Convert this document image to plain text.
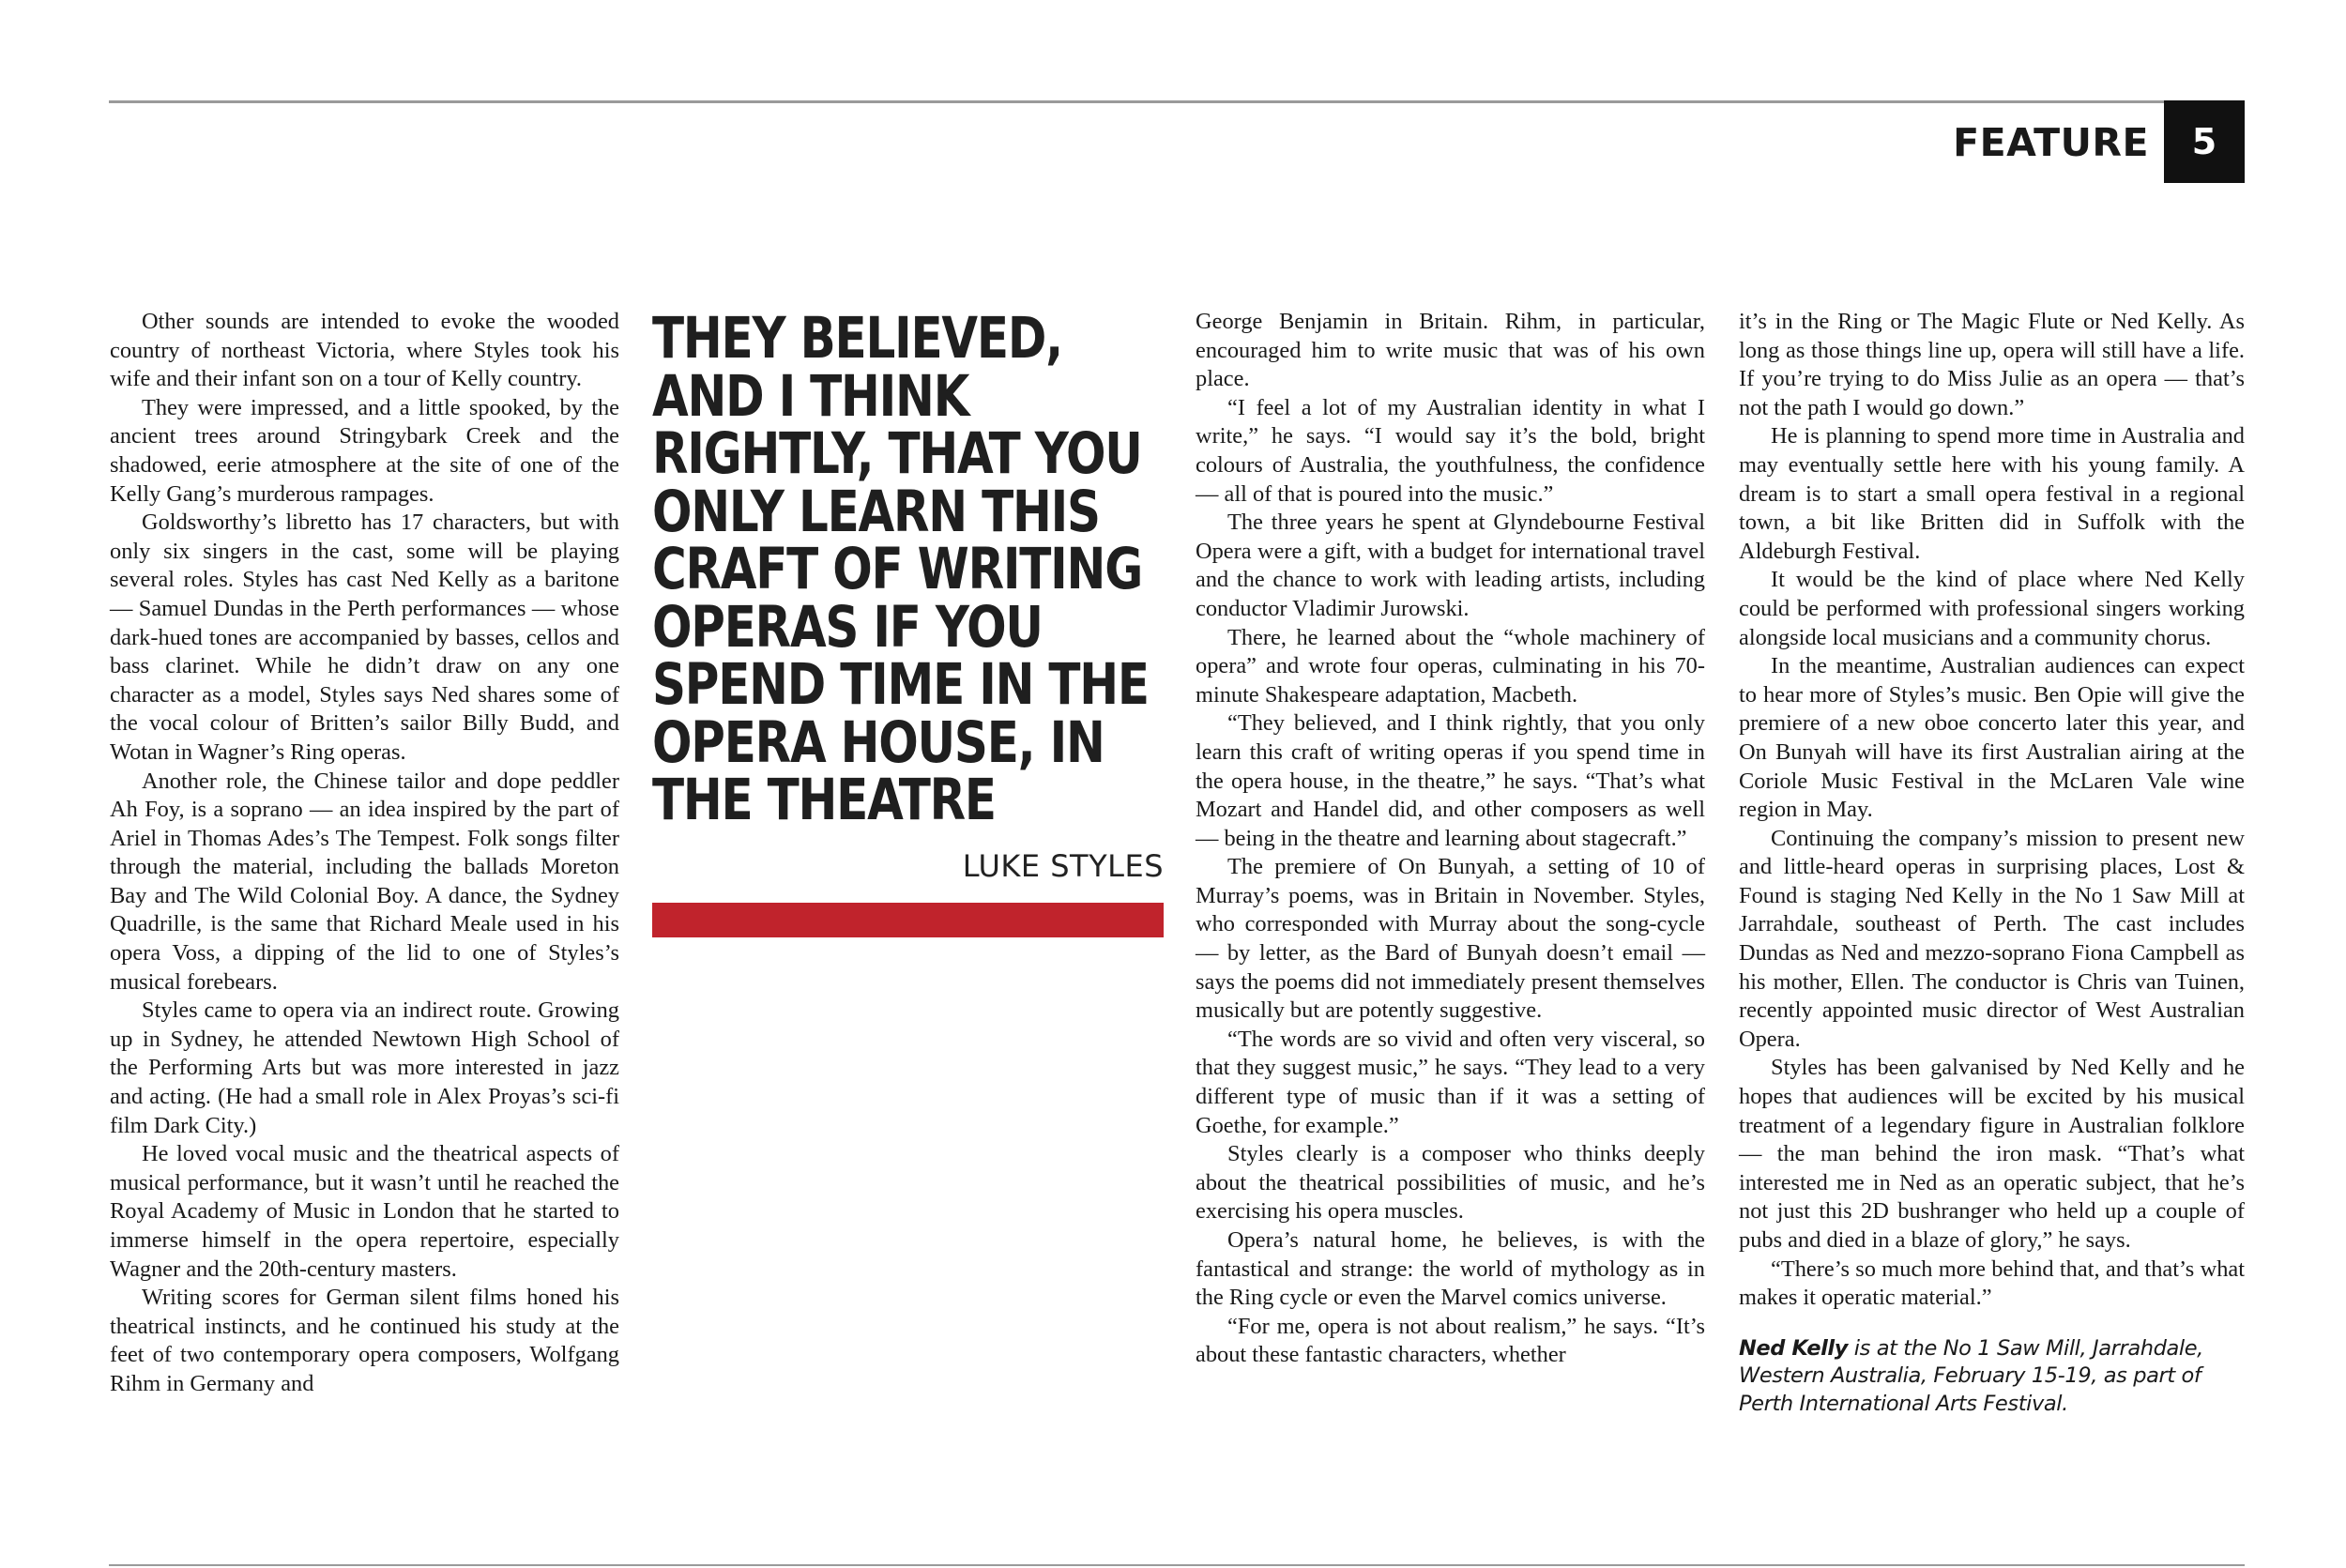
FEATURE	5

Other sounds are intended to evoke the wooded country of northeast Victoria, where Styles took his wife and their infant son on a tour of Kelly country.

They were impressed, and a little spooked, by the ancient trees around Stringybark Creek and the shadowed, eerie atmosphere at the site of one of the Kelly Gang’s murderous rampages.

Goldsworthy’s libretto has 17 characters, but with only six singers in the cast, some will be playing several roles. Styles has cast Ned Kelly as a baritone — Samuel Dundas in the Perth performances — whose dark-hued tones are accompanied by basses, cellos and bass clarinet. While he didn’t draw on any one character as a model, Styles says Ned shares some of the vocal colour of Britten’s sailor Billy Budd, and Wotan in Wagner’s Ring operas.

Another role, the Chinese tailor and dope peddler Ah Foy, is a soprano — an idea inspired by the part of Ariel in Thomas Ades’s The Tempest. Folk songs filter through the material, including the ballads Moreton Bay and The Wild Colonial Boy. A dance, the Sydney Quadrille, is the same that Richard Meale used in his opera Voss, a dipping of the lid to one of Styles’s musical forebears.

Styles came to opera via an indirect route. Growing up in Sydney, he attended Newtown High School of the Performing Arts but was more interested in jazz and acting. (He had a small role in Alex Proyas’s sci-fi film Dark City.)

He loved vocal music and the theatrical aspects of musical performance, but it wasn’t until he reached the Royal Academy of Music in London that he started to immerse himself in the opera repertoire, especially Wagner and the 20th-century masters.

Writing scores for German silent films honed his theatrical instincts, and he continued his study at the feet of two contemporary opera composers, Wolfgang Rihm in Germany and

THEY BELIEVED, AND I THINK RIGHTLY, THAT YOU ONLY LEARN THIS CRAFT OF WRITING OPERAS IF YOU SPEND TIME IN THE OPERA HOUSE, IN THE THEATRE
LUKE STYLES

George Benjamin in Britain. Rihm, in particular, encouraged him to write music that was of his own place.

“I feel a lot of my Australian identity in what I write,” he says. “I would say it’s the bold, bright colours of Australia, the youthfulness, the confidence — all of that is poured into the music.”

The three years he spent at Glyndebourne Festival Opera were a gift, with a budget for international travel and the chance to work with leading artists, including conductor Vladimir Jurowski.

There, he learned about the “whole machinery of opera” and wrote four operas, culminating in his 70-minute Shakespeare adaptation, Macbeth.

“They believed, and I think rightly, that you only learn this craft of writing operas if you spend time in the opera house, in the theatre,” he says. “That’s what Mozart and Handel did, and other composers as well — being in the theatre and learning about stagecraft.”

The premiere of On Bunyah, a setting of 10 of Murray’s poems, was in Britain in November. Styles, who corresponded with Murray about the song-cycle — by letter, as the Bard of Bunyah doesn’t email — says the poems did not immediately present themselves musically but are potently suggestive.

“The words are so vivid and often very visceral, so that they suggest music,” he says. “They lead to a very different type of music than if it was a setting of Goethe, for example.”

Styles clearly is a composer who thinks deeply about the theatrical possibilities of music, and he’s exercising his opera muscles.

Opera’s natural home, he believes, is with the fantastical and strange: the world of mythology as in the Ring cycle or even the Marvel comics universe.

“For me, opera is not about realism,” he says. “It’s about these fantastic characters, whether

it’s in the Ring or The Magic Flute or Ned Kelly. As long as those things line up, opera will still have a life. If you’re trying to do Miss Julie as an opera — that’s not the path I would go down.”

He is planning to spend more time in Australia and may eventually settle here with his young family. A dream is to start a small opera festival in a regional town, a bit like Britten did in Suffolk with the Aldeburgh Festival.

It would be the kind of place where Ned Kelly could be performed with professional singers working alongside local musicians and a community chorus.

In the meantime, Australian audiences can expect to hear more of Styles’s music. Ben Opie will give the premiere of a new oboe concerto later this year, and On Bunyah will have its first Australian airing at the Coriole Music Festival in the McLaren Vale wine region in May.

Continuing the company’s mission to present new and little-heard operas in surprising places, Lost & Found is staging Ned Kelly in the No 1 Saw Mill at Jarrahdale, southeast of Perth. The cast includes Dundas as Ned and mezzo-soprano Fiona Campbell as his mother, Ellen. The conductor is Chris van Tuinen, recently appointed music director of West Australian Opera.

Styles has been galvanised by Ned Kelly and he hopes that audiences will be excited by his musical treatment of a legendary figure in Australian folklore — the man behind the iron mask. “That’s what interested me in Ned as an operatic subject, that he’s not just this 2D bushranger who held up a couple of pubs and died in a blaze of glory,” he says.

“There’s so much more behind that, and that’s what makes it operatic material.”

Ned Kelly is at the No 1 Saw Mill, Jarrahdale, Western Australia, February 15-19, as part of Perth International Arts Festival.
